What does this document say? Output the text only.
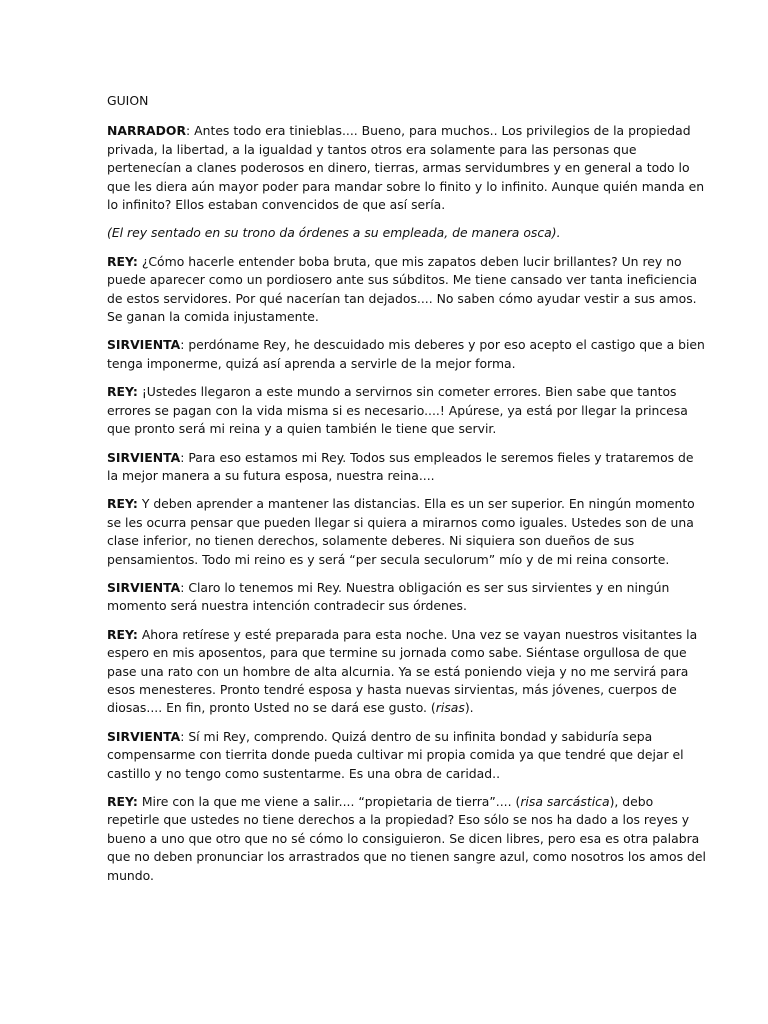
GUION

NARRADOR: Antes todo era tinieblas.... Bueno, para muchos.. Los privilegios de la propiedad privada, la libertad, a la igualdad y tantos otros era solamente para las personas que pertenecían a clanes poderosos en dinero, tierras, armas servidumbres y en general a todo lo que les diera aún mayor poder para mandar sobre lo finito y lo infinito. Aunque quién manda en lo infinito? Ellos estaban convencidos de que así sería.

(El rey sentado en su trono da órdenes a su empleada, de manera osca).

REY: ¿Cómo hacerle entender boba bruta, que mis zapatos deben lucir brillantes? Un rey no puede aparecer como un pordiosero ante sus súbditos. Me tiene cansado ver tanta ineficiencia de estos servidores. Por qué nacerían tan dejados.... No saben cómo ayudar vestir a sus amos. Se ganan la comida injustamente.

SIRVIENTA: perdóname Rey, he descuidado mis deberes y por eso acepto el castigo que a bien tenga imponerme, quizá así aprenda a servirle de la mejor forma.

REY: ¡Ustedes llegaron a este mundo a servirnos sin cometer errores. Bien sabe que tantos errores se pagan con la vida misma si es necesario....! Apúrese, ya está por llegar la princesa que pronto será mi reina y a quien también le tiene que servir.

SIRVIENTA: Para eso estamos mi Rey. Todos sus empleados le seremos fieles y trataremos de la mejor manera a su futura esposa, nuestra reina....

REY: Y deben aprender a mantener las distancias. Ella es un ser superior. En ningún momento se les ocurra pensar que pueden llegar si quiera a mirarnos como iguales. Ustedes son de una clase inferior, no tienen derechos, solamente deberes. Ni siquiera son dueños de sus pensamientos. Todo mi reino es y será “per secula seculorum” mío y de mi reina consorte.

SIRVIENTA: Claro lo tenemos mi Rey. Nuestra obligación es ser sus sirvientes y en ningún momento será nuestra intención contradecir sus órdenes.

REY: Ahora retírese y esté preparada para esta noche. Una vez se vayan nuestros visitantes la espero en mis aposentos, para que termine su jornada como sabe. Siéntase orgullosa de que pase una rato con un hombre de alta alcurnia. Ya se está poniendo vieja y no me servirá para esos menesteres. Pronto tendré esposa y hasta nuevas sirvientas, más jóvenes, cuerpos de diosas.... En fin, pronto Usted no se dará ese gusto. (risas).

SIRVIENTA: Sí mi Rey, comprendo. Quizá dentro de su infinita bondad y sabiduría sepa compensarme con tierrita donde pueda cultivar mi propia comida ya que tendré que dejar el castillo y no tengo como sustentarme. Es una obra de caridad..

REY: Mire con la que me viene a salir.... “propietaria de tierra”.... (risa sarcástica), debo repetirle que ustedes no tiene derechos a la propiedad? Eso sólo se nos ha dado a los reyes y bueno a uno que otro que no sé cómo lo consiguieron. Se dicen libres, pero esa es otra palabra que no deben pronunciar los arrastrados que no tienen sangre azul, como nosotros los amos del mundo.
